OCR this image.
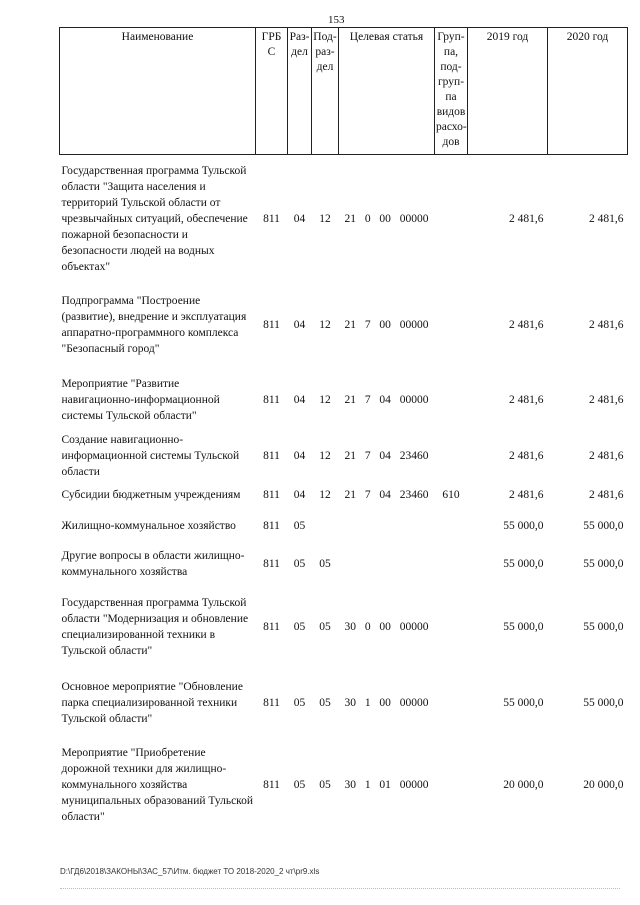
153
Наименование	ГРБ С	Раз-дел	Под-раз-дел	Целевая статья	Груп-па, под-груп-па видов расхо-дов	2019 год	2020 год
Государственная программа Тульской области "Защита населения и территорий Тульской области от чрезвычайных ситуаций, обеспечение пожарной безопасности и безопасности людей на водных объектах"	811	04	12	21 0 00 00000		2 481,6	2 481,6
Подпрограмма "Построение (развитие), внедрение и эксплуатация аппаратно-программного комплекса "Безопасный город"	811	04	12	21 7 00 00000		2 481,6	2 481,6
Мероприятие "Развитие навигационно-информационной системы Тульской области"	811	04	12	21 7 04 00000		2 481,6	2 481,6
Создание навигационно-информационной системы Тульской области	811	04	12	21 7 04 23460		2 481,6	2 481,6
Субсидии бюджетным учреждениям	811	04	12	21 7 04 23460	610	2 481,6	2 481,6
Жилищно-коммунальное хозяйство	811	05				55 000,0	55 000,0
Другие вопросы в области жилищно-коммунального хозяйства	811	05	05			55 000,0	55 000,0
Государственная программа Тульской области "Модернизация и обновление специализированной техники в Тульской области"	811	05	05	30 0 00 00000		55 000,0	55 000,0
Основное мероприятие "Обновление парка специализированной техники Тульской области"	811	05	05	30 1 00 00000		55 000,0	55 000,0
Мероприятие "Приобретение дорожной техники для жилищно-коммунального хозяйства муниципальных образований Тульской области"	811	05	05	30 1 01 00000		20 000,0	20 000,0
D:\ГД6\2018\ЗАКОНЫ\ЗАС_57\Итм. бюджет ТО 2018-2020_2 чт\pr9.xls
